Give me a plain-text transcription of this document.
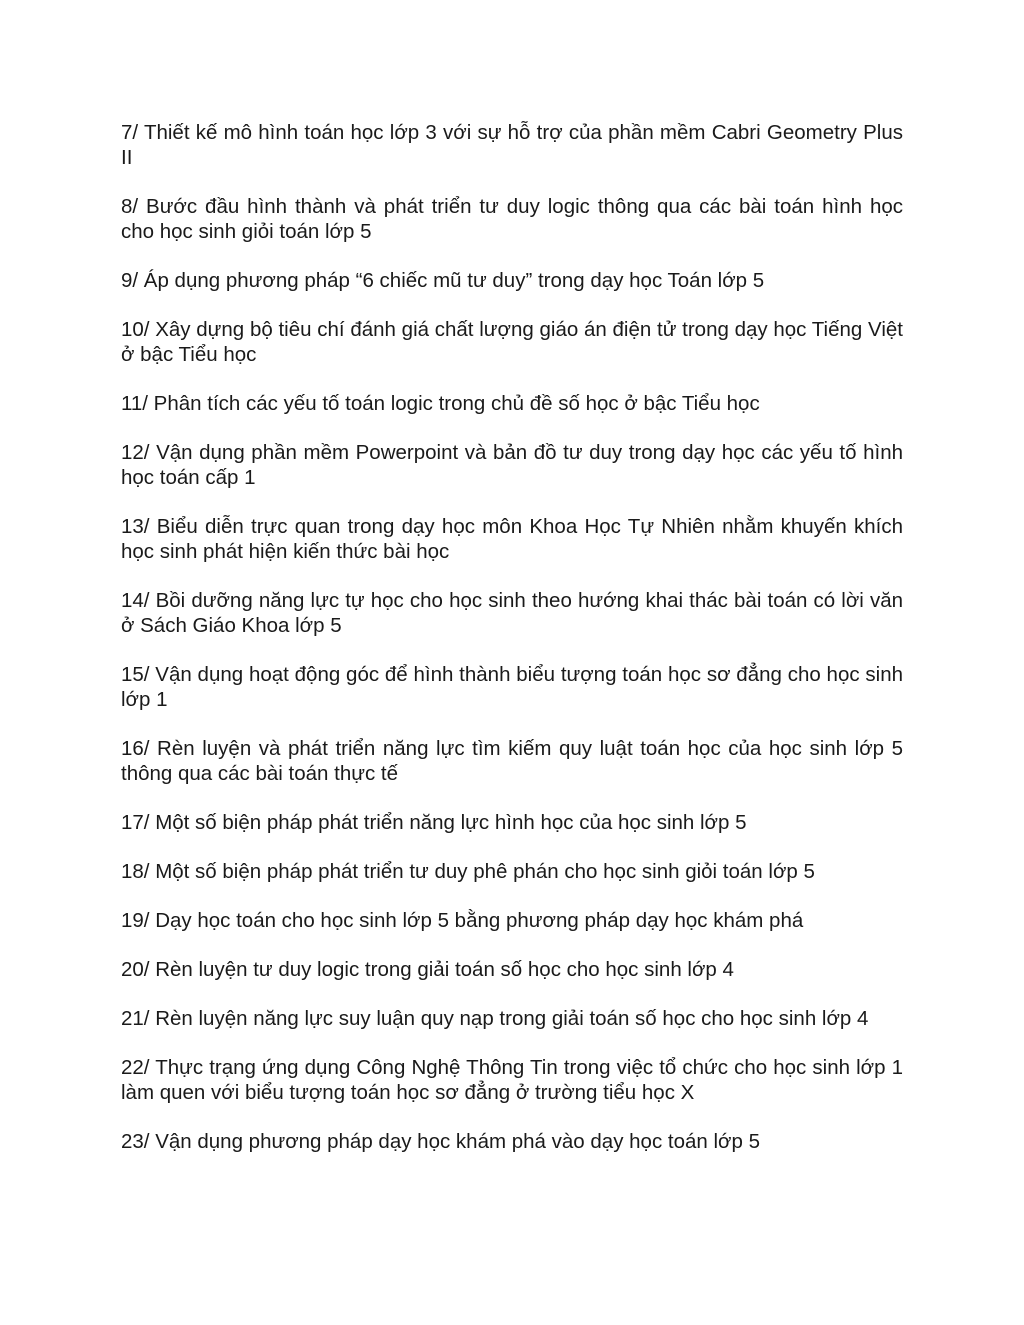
7/ Thiết kế mô hình toán học lớp 3 với sự hỗ trợ của phần mềm Cabri Geometry Plus II

8/ Bước đầu hình thành và phát triển tư duy logic thông qua các bài toán hình học cho học sinh giỏi toán lớp 5

9/ Áp dụng phương pháp “6 chiếc mũ tư duy” trong dạy học Toán lớp 5

10/ Xây dựng bộ tiêu chí đánh giá chất lượng giáo án điện tử trong dạy học Tiếng Việt ở bậc Tiểu học

11/ Phân tích các yếu tố toán logic trong chủ đề số học ở bậc Tiểu học

12/ Vận dụng phần mềm Powerpoint và bản đồ tư duy trong dạy học các yếu tố hình học toán cấp 1

13/ Biểu diễn trực quan trong dạy học môn Khoa Học Tự Nhiên nhằm khuyến khích học sinh phát hiện kiến thức bài học

14/ Bồi dưỡng năng lực tự học cho học sinh theo hướng khai thác bài toán có lời văn ở Sách Giáo Khoa lớp 5

15/ Vận dụng hoạt động góc để hình thành biểu tượng toán học sơ đẳng cho học sinh lớp 1

16/ Rèn luyện và phát triển năng lực tìm kiếm quy luật toán học của học sinh lớp 5 thông qua các bài toán thực tế

17/ Một số biện pháp phát triển năng lực hình học của học sinh lớp 5

18/ Một số biện pháp phát triển tư duy phê phán cho học sinh giỏi toán lớp 5

19/ Dạy học toán cho học sinh lớp 5 bằng phương pháp dạy học khám phá

20/ Rèn luyện tư duy logic trong giải toán số học cho học sinh lớp 4

21/ Rèn luyện năng lực suy luận quy nạp trong giải toán số học cho học sinh lớp 4

22/ Thực trạng ứng dụng Công Nghệ Thông Tin trong việc tổ chức cho học sinh lớp 1 làm quen với biểu tượng toán học sơ đẳng ở trường tiểu học X

23/ Vận dụng phương pháp dạy học khám phá vào dạy học toán lớp 5
